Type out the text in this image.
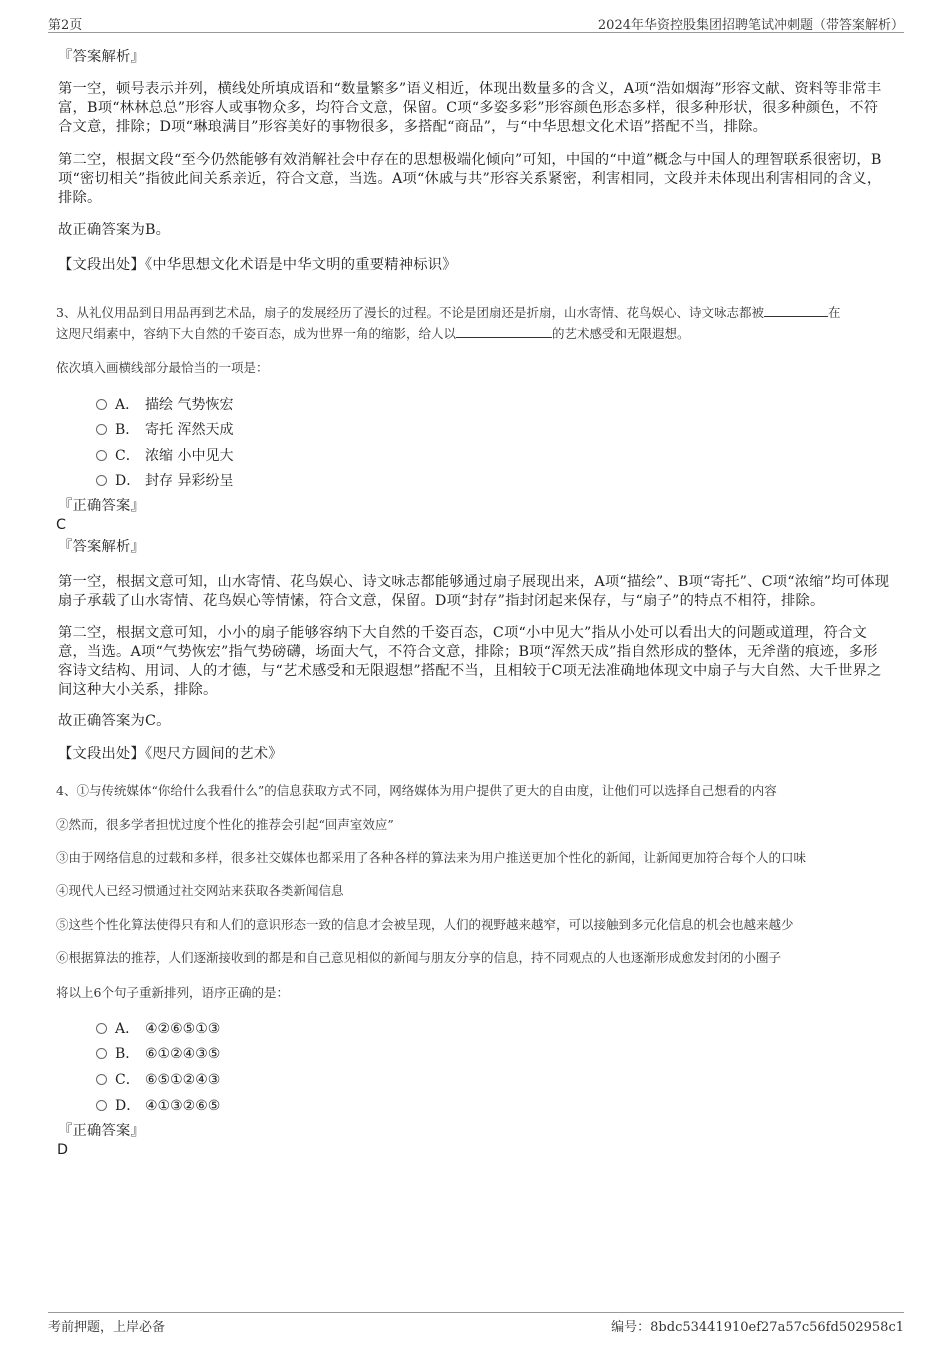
第2页	2024年华资控股集团招聘笔试冲刺题（带答案解析）
『答案解析』
第一空，顿号表示并列，横线处所填成语和“数量繁多”语义相近，体现出数量多的含义，A项“浩如烟海”形容文献、资料等非常丰富，B项“林林总总”形容人或事物众多，均符合文意，保留。C项“多姿多彩”形容颜色形态多样，很多种形状，很多种颜色，不符合文意，排除；D项“琳琅满目”形容美好的事物很多，多搭配“商品”，与“中华思想文化术语”搭配不当，排除。
第二空，根据文段“至今仍然能够有效消解社会中存在的思想极端化倾向”可知，中国的“中道”概念与中国人的理智联系很密切，B项“密切相关”指彼此间关系亲近，符合文意，当选。A项“休戚与共”形容关系紧密，利害相同，文段并未体现出利害相同的含义，排除。
故正确答案为B。
【文段出处】《中华思想文化术语是中华文明的重要精神标识》
3、从礼仪用品到日用品再到艺术品，扇子的发展经历了漫长的过程。不论是团扇还是折扇，山水寄情、花鸟娱心、诗文咏志都被	在
这咫尺绢素中，容纳下大自然的千姿百态，成为世界一角的缩影，给人以	的艺术感受和无限遐想。
依次填入画横线部分最恰当的一项是：
A． 描绘 气势恢宏
B． 寄托 浑然天成
C． 浓缩 小中见大
D． 封存 异彩纷呈
『正确答案』
C
『答案解析』
第一空，根据文意可知，山水寄情、花鸟娱心、诗文咏志都能够通过扇子展现出来，A项“描绘”、B项“寄托”、C项“浓缩”均可体现扇子承载了山水寄情、花鸟娱心等情愫，符合文意，保留。D项“封存”指封闭起来保存，与“扇子”的特点不相符，排除。
第二空，根据文意可知，小小的扇子能够容纳下大自然的千姿百态，C项“小中见大”指从小处可以看出大的问题或道理，符合文意，当选。A项“气势恢宏”指气势磅礴，场面大气，不符合文意，排除；B项“浑然天成”指自然形成的整体，无斧凿的痕迹，多形容诗文结构、用词、人的才德，与“艺术感受和无限遐想”搭配不当，且相较于C项无法准确地体现文中扇子与大自然、大千世界之间这种大小关系，排除。
故正确答案为C。
【文段出处】《咫尺方圆间的艺术》
4、①与传统媒体“你给什么我看什么”的信息获取方式不同，网络媒体为用户提供了更大的自由度，让他们可以选择自己想看的内容
②然而，很多学者担忧过度个性化的推荐会引起“回声室效应”
③由于网络信息的过载和多样，很多社交媒体也都采用了各种各样的算法来为用户推送更加个性化的新闻，让新闻更加符合每个人的口味
④现代人已经习惯通过社交网站来获取各类新闻信息
⑤这些个性化算法使得只有和人们的意识形态一致的信息才会被呈现，人们的视野越来越窄，可以接触到多元化信息的机会也越来越少
⑥根据算法的推荐，人们逐渐接收到的都是和自己意见相似的新闻与朋友分享的信息，持不同观点的人也逐渐形成愈发封闭的小圈子
将以上6个句子重新排列，语序正确的是：
A． ④②⑥⑤①③
B． ⑥①②④③⑤
C． ⑥⑤①②④③
D． ④①③②⑥⑤
『正确答案』
D
考前押题，上岸必备	编号：8bdc53441910ef27a57c56fd502958c1
